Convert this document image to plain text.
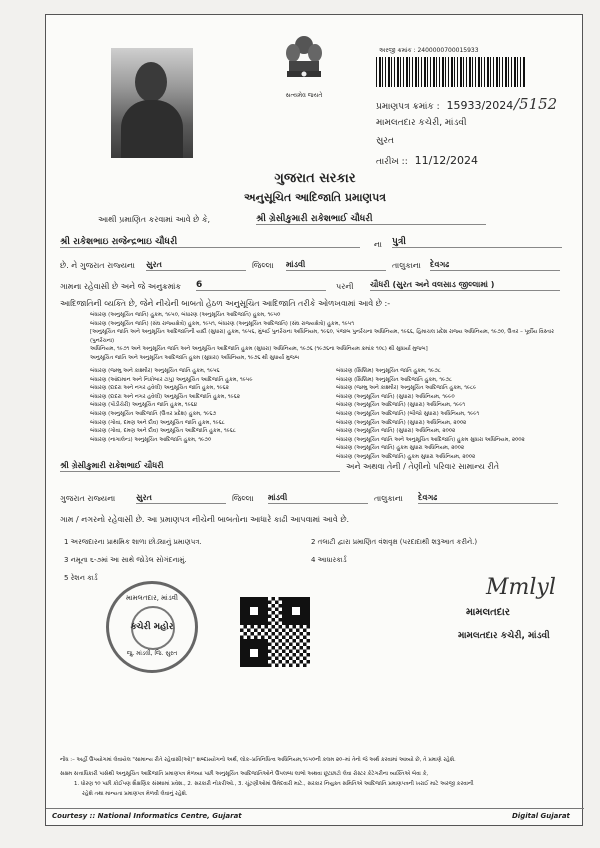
સત્યમેવ જયતે
અરજી ક્રમાંક : 2400000700015933
/5152
પ્રમાણપત્ર ક્રમાંક : 15933/2024
મામલતદાર કચેરી, માંડવી
સુરત
તારીખ :: 11/12/2024
ગુજરાત સરકાર
અનુસૂચિત આદિજાતિ પ્રમાણપત્ર
આથી પ્રમાણિત કરવામાં આવે છે કે,	શ્રી ગ્રેસીકુમારી રાકેશભાઈ ચૌધરી
શ્રી રાકેશભાઇ રાજેન્દ્રભાઇ ચૌધરી	ના પુત્રી
છે. ને ગુજરાત રાજ્યના સુરત	જિલ્લા માંડવી	તાલુકાના દેવગઢ
ગામના રહેવાસી છે અને જે અનુક્રમાંક 6	પરની ચૌધરી (સુરત અને વલસાડ જીલ્લામાં )
આદિજાતિની વ્યક્તિ છે, જેને નીચેની બાબતો હેઠળ અનુસૂચિત આદિજાતિ તરીકે ઓળખવામાં આવે છે :-
બંધારણ (અનુસૂચિત જાતિ) હુકમ, ૧૯૫૦, બંધારણ (અનુસૂચિત આદિજાતિ) હુકમ, ૧૯૫૦
બંધારણ (અનુસૂચિત જાતિ) (સંઘ રાજ્યક્ષેત્રો) હુકમ, ૧૯૫૧, બંધારણ (અનુસૂચિત આદિજાતિ) (સંઘ રાજ્યક્ષેત્રો) હુકમ, ૧૯૫૧
[અનુસૂચિત જાતિ અને અનુસૂચિત આદિજાતિની યાદી (સુધારા) હુકમ, ૧૯૫૬, મુંબઈ પુનર્રચના અધિનિયમ, ૧૯૬૦, પંજાબ પુનર્રચના અધિનિયમ, ૧૯૬૬, હિમાચલ પ્રદેશ રાજ્ય અધિનિયમ, ૧૯૭૦, ઉત્તર – પૂર્વીય વિસ્તાર (પુનર્રચના)
અધિનિયમ, ૧૯૭૧ અને અનુસૂચિત જાતિ અને અનુસૂચિત આદિજાતિ હુકમ (સુધારા) અધિનિયમ, ૧૯૭૬ (૧૯૭૬ના અધિનિયમ ક્રમાંક ૧૦૮) થી સુધાર્યા મુજબ]
અનુસૂચિત જાતિ અને અનુસૂચિત આદિજાતિ હુકમ (સુધારા) અધિનિયમ, ૧૯૭૬ થી સુધાર્યા મુજબ
બંધારણ (જમ્મુ અને કાશ્મીર) અનુસૂચિત જાતિ હુકમ, ૧૯૫૬
બંધારણ (આંદામાન અને નિકોબાર ટાપુ) અનુસૂચિત આદિજાતિ હુકમ, ૧૯૫૯
બંધારણ (દાદરા અને નગર હવેલી) અનુસૂચિત જાતિ હુકમ, ૧૯૬૨
બંધારણ (દાદરા અને નગર હવેલી) અનુસૂચિત આદિજાતિ હુકમ, ૧૯૬૨
બંધારણ (પોંડીચેરી) અનુસૂચિત જાતિ હુકમ, ૧૯૬૪
બંધારણ (અનુસૂચિત આદિજાતિ (ઉત્તર પ્રદેશ) હુકમ, ૧૯૬૭
બંધારણ (ગોવા, દમણ અને દીવ) અનુસૂચિત જાતિ હુકમ, ૧૯૬૮
બંધારણ (ગોવા, દમણ અને દીવ) અનુસૂચિત આદિજાતિ હુકમ, ૧૯૬૮
બંધારણ (નાગાલેન્ડ) અનુસૂચિત આદિજાતિ હુકમ, ૧૯૭૦
બંધારણ (સિક્કિમ) અનુસૂચિત જાતિ હુકમ, ૧૯૭૮
બંધારણ (સિક્કિમ) અનુસૂચિત આદિજાતિ હુકમ, ૧૯૭૮
બંધારણ (જમ્મુ અને કાશ્મીર) અનુસૂચિત આદિજાતિ હુકમ, ૧૯૮૯
બંધારણ (અનુસૂચિત જાતિ) (સુધારા) અધિનિયમ, ૧૯૯૦
બંધારણ (અનુસૂચિત આદિજાતિ) (સુધારા) અધિનિયમ, ૧૯૯૧
બંધારણ (અનુસૂચિત આદિજાતિ) (બીજો સુધારા) અધિનિયમ, ૧૯૯૧
બંધારણ (અનુસૂચિત આદિજાતિ) (સુધારા) અધિનિયમ, ૨૦૦૨
બંધારણ (અનુસૂચિત જાતિ) (સુધારા) અધિનિયમ, ૨૦૦૨
બંધારણ (અનુસૂચિત જાતિ અને અનુસૂચિત આદિજાતિ) હુકમ સુધારા અધિનિયમ, ૨૦૦૨
બંધારણ (અનુસૂચિત જાતિ) હુકમ સુધારા અધિનિયમ, ૨૦૦૨
બંધારણ (અનુસૂચિત આદિજાતિ) હુકમ સુધારા અધિનિયમ, ૨૦૦૨
શ્રી ગ્રેસીકુમારી રાકેશભાઈ ચૌધરી	અને અથવા તેની / તેણીનો પરિવાર સામાન્ય રીતે
ગુજરાત રાજ્યના	સુરત	જિલ્લા માંડવી	તાલુકાના દેવગઢ
ગામ / નગરનો રહેવાસી છે. આ પ્રમાણપત્ર નીચેની બાબતોના આધારે કાઢી આપવામાં આવે છે.
1 અરજદારના પ્રાથમિક શાળા છોડ્યાનું પ્રમાણપત્ર.	2 તલાટી દ્વારા પ્રમાણિત વંશવૃક્ષ (પરદાદાથી શરૂઆત કરીને.)
3 નમૂના ૬-૭માં આ સાથે જોડેલ સોગંદનામું.	4 આધારકાર્ડ
5 રેશન કાર્ડ
મામલતદાર, માંડવી
ક્ચેરી મહોર
જુ. માંડવી, જિ. સુરત
Mmlyl
મામલતદાર
મામલતદાર કચેરી, માંડવી
નોંધ :– અહીં ઉપયોગમાં લેવાયેલ "સામાન્ય રીતે રહેવાસી(ઓ)" શબ્દપ્રયોગનો અર્થ, લોક–પ્રતિનિધિત્વ અધિનિયમ,૧૯૫૦ની કલમ ૨૦–માં તેનો જે અર્થ કરવામાં આવ્યો છે, તે પ્રમાણે રહેશે.
સક્ષમ સત્તાધિકારી પાસેથી અનુસૂચિત આદિજાતિ પ્રમાણપત્ર મેળવ્યા પછી અનુસૂચિત આદિજાતિઓને ઉપલબ્ધ લાભો અથવા છૂટછાટો લેવા રોસ્ટર કેટેગરીના વ્યક્તિએ બેવા કે,
1. ધોરણ ૧૦ પછી કોઈપણ શૈક્ષણિક સંસ્થામાં પ્રવેશ., 2. સરકારી નોકરીઓ., 3. ચૂંટણીઓમાં ઉમેદવારી માટે., સરકાર નિયુક્ત સમિતિએ આદિજાતિ પ્રમાણપત્રની ખરાઈ માટે અરજી કરવાની
રહેશે તથા માન્યતા પ્રમાણપત્ર મેળવી લેવાનું રહેશે.
Courtesy :: National Informatics Centre, Gujarat	Digital Gujarat
